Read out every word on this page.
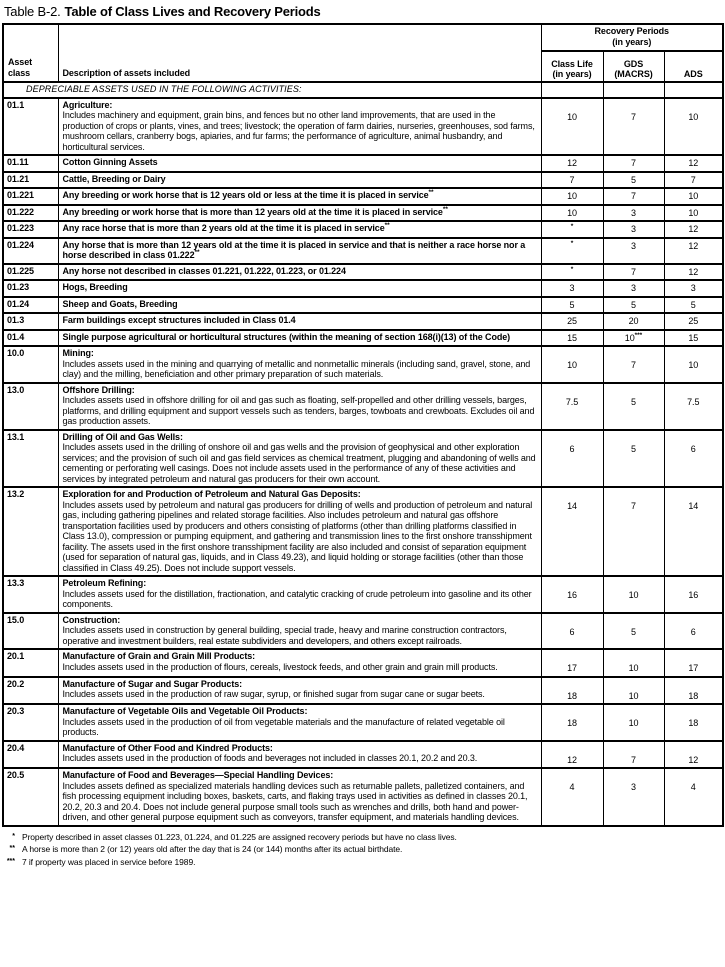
Table B-2. Table of Class Lives and Recovery Periods
Asset class	Description of assets included	Recovery Periods
(in years)		
		Class Life (in years)	GDS (MACRS)	ADS
DEPRECIABLE ASSETS USED IN THE FOLLOWING ACTIVITIES:				
01.1	Agriculture:
Includes machinery and equipment, grain bins, and fences but no other land improvements, that are used in the production of crops or plants, vines, and trees; livestock; the operation of farm dairies, nurseries, greenhouses, sod farms, mushroom cellars, cranberry bogs, apiaries, and fur farms; the performance of agriculture, animal husbandry, and horticultural services.	10	7	10
01.11	Cotton Ginning Assets	12	7	12
01.21	Cattle, Breeding or Dairy	7	5	7
01.221	Any breeding or work horse that is 12 years old or less at the time it is placed in service**	10	7	10
01.222	Any breeding or work horse that is more than 12 years old at the time it is placed in service**	10	3	10
01.223	Any race horse that is more than 2 years old at the time it is placed in service**	*	3	12
01.224	Any horse that is more than 12 years old at the time it is placed in service and that is neither a race horse nor a horse described in class 01.222**	*	3	12
01.225	Any horse not described in classes 01.221, 01.222, 01.223, or 01.224	*	7	12
01.23	Hogs, Breeding	3	3	3
01.24	Sheep and Goats, Breeding	5	5	5
01.3	Farm buildings except structures included in Class 01.4	25	20	25
01.4	Single purpose agricultural or horticultural structures (within the meaning of section 168(i)(13) of the Code)	15	10***	15
10.0	Mining:
Includes assets used in the mining and quarrying of metallic and nonmetallic minerals (including sand, gravel, stone, and clay) and the milling, beneficiation and other primary preparation of such materials.	10	7	10
13.0	Offshore Drilling:
Includes assets used in offshore drilling for oil and gas such as floating, self-propelled and other drilling vessels, barges, platforms, and drilling equipment and support vessels such as tenders, barges, towboats and crewboats. Excludes oil and gas production assets.	7.5	5	7.5
13.1	Drilling of Oil and Gas Wells:
Includes assets used in the drilling of onshore oil and gas wells and the provision of geophysical and other exploration services; and the provision of such oil and gas field services as chemical treatment, plugging and abandoning of wells and cementing or perforating well casings. Does not include assets used in the performance of any of these activities and services by integrated petroleum and natural gas producers for their own account.	6	5	6
13.2	Exploration for and Production of Petroleum and Natural Gas Deposits:
Includes assets used by petroleum and natural gas producers for drilling of wells and production of petroleum and natural gas, including gathering pipelines and related storage facilities. Also includes petroleum and natural gas offshore transportation facilities used by producers and others consisting of platforms (other than drilling platforms classified in Class 13.0), compression or pumping equipment, and gathering and transmission lines to the first onshore transshipment facility. The assets used in the first onshore transshipment facility are also included and consist of separation equipment (used for separation of natural gas, liquids, and in Class 49.23), and liquid holding or storage facilities (other than those classified in Class 49.25). Does not include support vessels.	14	7	14
13.3	Petroleum Refining:
Includes assets used for the distillation, fractionation, and catalytic cracking of crude petroleum into gasoline and its other components.	16	10	16
15.0	Construction:
Includes assets used in construction by general building, special trade, heavy and marine construction contractors, operative and investment builders, real estate subdividers and developers, and others except railroads.	6	5	6
20.1	Manufacture of Grain and Grain Mill Products:
Includes assets used in the production of flours, cereals, livestock feeds, and other grain and grain mill products.	17	10	17
20.2	Manufacture of Sugar and Sugar Products:
Includes assets used in the production of raw sugar, syrup, or finished sugar from sugar cane or sugar beets.	18	10	18
20.3	Manufacture of Vegetable Oils and Vegetable Oil Products:
Includes assets used in the production of oil from vegetable materials and the manufacture of related vegetable oil products.	18	10	18
20.4	Manufacture of Other Food and Kindred Products:
Includes assets used in the production of foods and beverages not included in classes 20.1, 20.2 and 20.3.	12	7	12
20.5	Manufacture of Food and Beverages—Special Handling Devices:
Includes assets defined as specialized materials handling devices such as returnable pallets, palletized containers, and fish processing equipment including boxes, baskets, carts, and flaking trays used in activities as defined in classes 20.1, 20.2, 20.3 and 20.4. Does not include general purpose small tools such as wrenches and drills, both hand and power-driven, and other general purpose equipment such as conveyors, transfer equipment, and materials handling devices.	4	3	4
* Property described in asset classes 01.223, 01.224, and 01.225 are assigned recovery periods but have no class lives.
** A horse is more than 2 (or 12) years old after the day that is 24 (or 144) months after its actual birthdate.
*** 7 if property was placed in service before 1989.
